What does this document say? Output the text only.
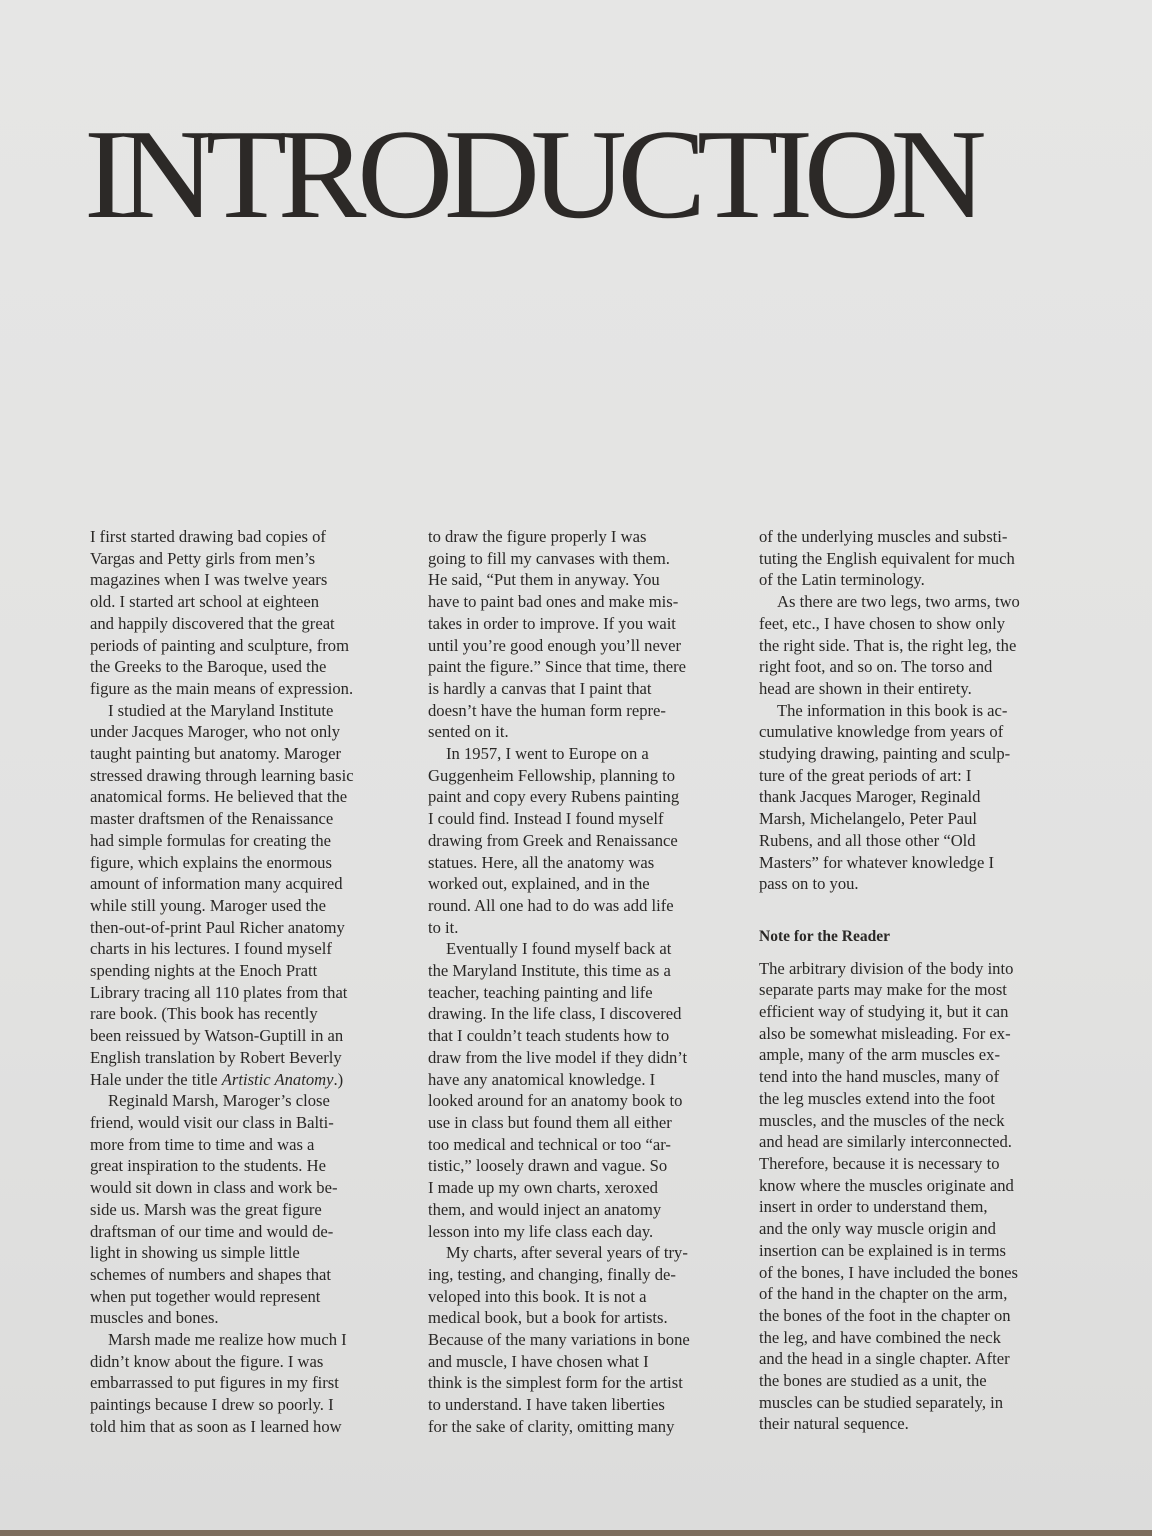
INTRODUCTION

I first started drawing bad copies of
Vargas and Petty girls from men’s
magazines when I was twelve years
old. I started art school at eighteen
and happily discovered that the great
periods of painting and sculpture, from
the Greeks to the Baroque, used the
figure as the main means of expression.

I studied at the Maryland Institute
under Jacques Maroger, who not only
taught painting but anatomy. Maroger
stressed drawing through learning basic
anatomical forms. He believed that the
master draftsmen of the Renaissance
had simple formulas for creating the
figure, which explains the enormous
amount of information many acquired
while still young. Maroger used the
then-out-of-print Paul Richer anatomy
charts in his lectures. I found myself
spending nights at the Enoch Pratt
Library tracing all 110 plates from that
rare book. (This book has recently
been reissued by Watson-Guptill in an
English translation by Robert Beverly
Hale under the title Artistic Anatomy.)

Reginald Marsh, Maroger’s close
friend, would visit our class in Balti-
more from time to time and was a
great inspiration to the students. He
would sit down in class and work be-
side us. Marsh was the great figure
draftsman of our time and would de-
light in showing us simple little
schemes of numbers and shapes that
when put together would represent
muscles and bones.

Marsh made me realize how much I
didn’t know about the figure. I was
embarrassed to put figures in my first
paintings because I drew so poorly. I
told him that as soon as I learned how

to draw the figure properly I was
going to fill my canvases with them.
He said, “Put them in anyway. You
have to paint bad ones and make mis-
takes in order to improve. If you wait
until you’re good enough you’ll never
paint the figure.” Since that time, there
is hardly a canvas that I paint that
doesn’t have the human form repre-
sented on it.

In 1957, I went to Europe on a
Guggenheim Fellowship, planning to
paint and copy every Rubens painting
I could find. Instead I found myself
drawing from Greek and Renaissance
statues. Here, all the anatomy was
worked out, explained, and in the
round. All one had to do was add life
to it.

Eventually I found myself back at
the Maryland Institute, this time as a
teacher, teaching painting and life
drawing. In the life class, I discovered
that I couldn’t teach students how to
draw from the live model if they didn’t
have any anatomical knowledge. I
looked around for an anatomy book to
use in class but found them all either
too medical and technical or too “ar-
tistic,” loosely drawn and vague. So
I made up my own charts, xeroxed
them, and would inject an anatomy
lesson into my life class each day.

My charts, after several years of try-
ing, testing, and changing, finally de-
veloped into this book. It is not a
medical book, but a book for artists.
Because of the many variations in bone
and muscle, I have chosen what I
think is the simplest form for the artist
to understand. I have taken liberties
for the sake of clarity, omitting many

of the underlying muscles and substi-
tuting the English equivalent for much
of the Latin terminology.

As there are two legs, two arms, two
feet, etc., I have chosen to show only
the right side. That is, the right leg, the
right foot, and so on. The torso and
head are shown in their entirety.

The information in this book is ac-
cumulative knowledge from years of
studying drawing, painting and sculp-
ture of the great periods of art: I
thank Jacques Maroger, Reginald
Marsh, Michelangelo, Peter Paul
Rubens, and all those other “Old
Masters” for whatever knowledge I
pass on to you.

Note for the Reader

The arbitrary division of the body into
separate parts may make for the most
efficient way of studying it, but it can
also be somewhat misleading. For ex-
ample, many of the arm muscles ex-
tend into the hand muscles, many of
the leg muscles extend into the foot
muscles, and the muscles of the neck
and head are similarly interconnected.
Therefore, because it is necessary to
know where the muscles originate and
insert in order to understand them,
and the only way muscle origin and
insertion can be explained is in terms
of the bones, I have included the bones
of the hand in the chapter on the arm,
the bones of the foot in the chapter on
the leg, and have combined the neck
and the head in a single chapter. After
the bones are studied as a unit, the
muscles can be studied separately, in
their natural sequence.
